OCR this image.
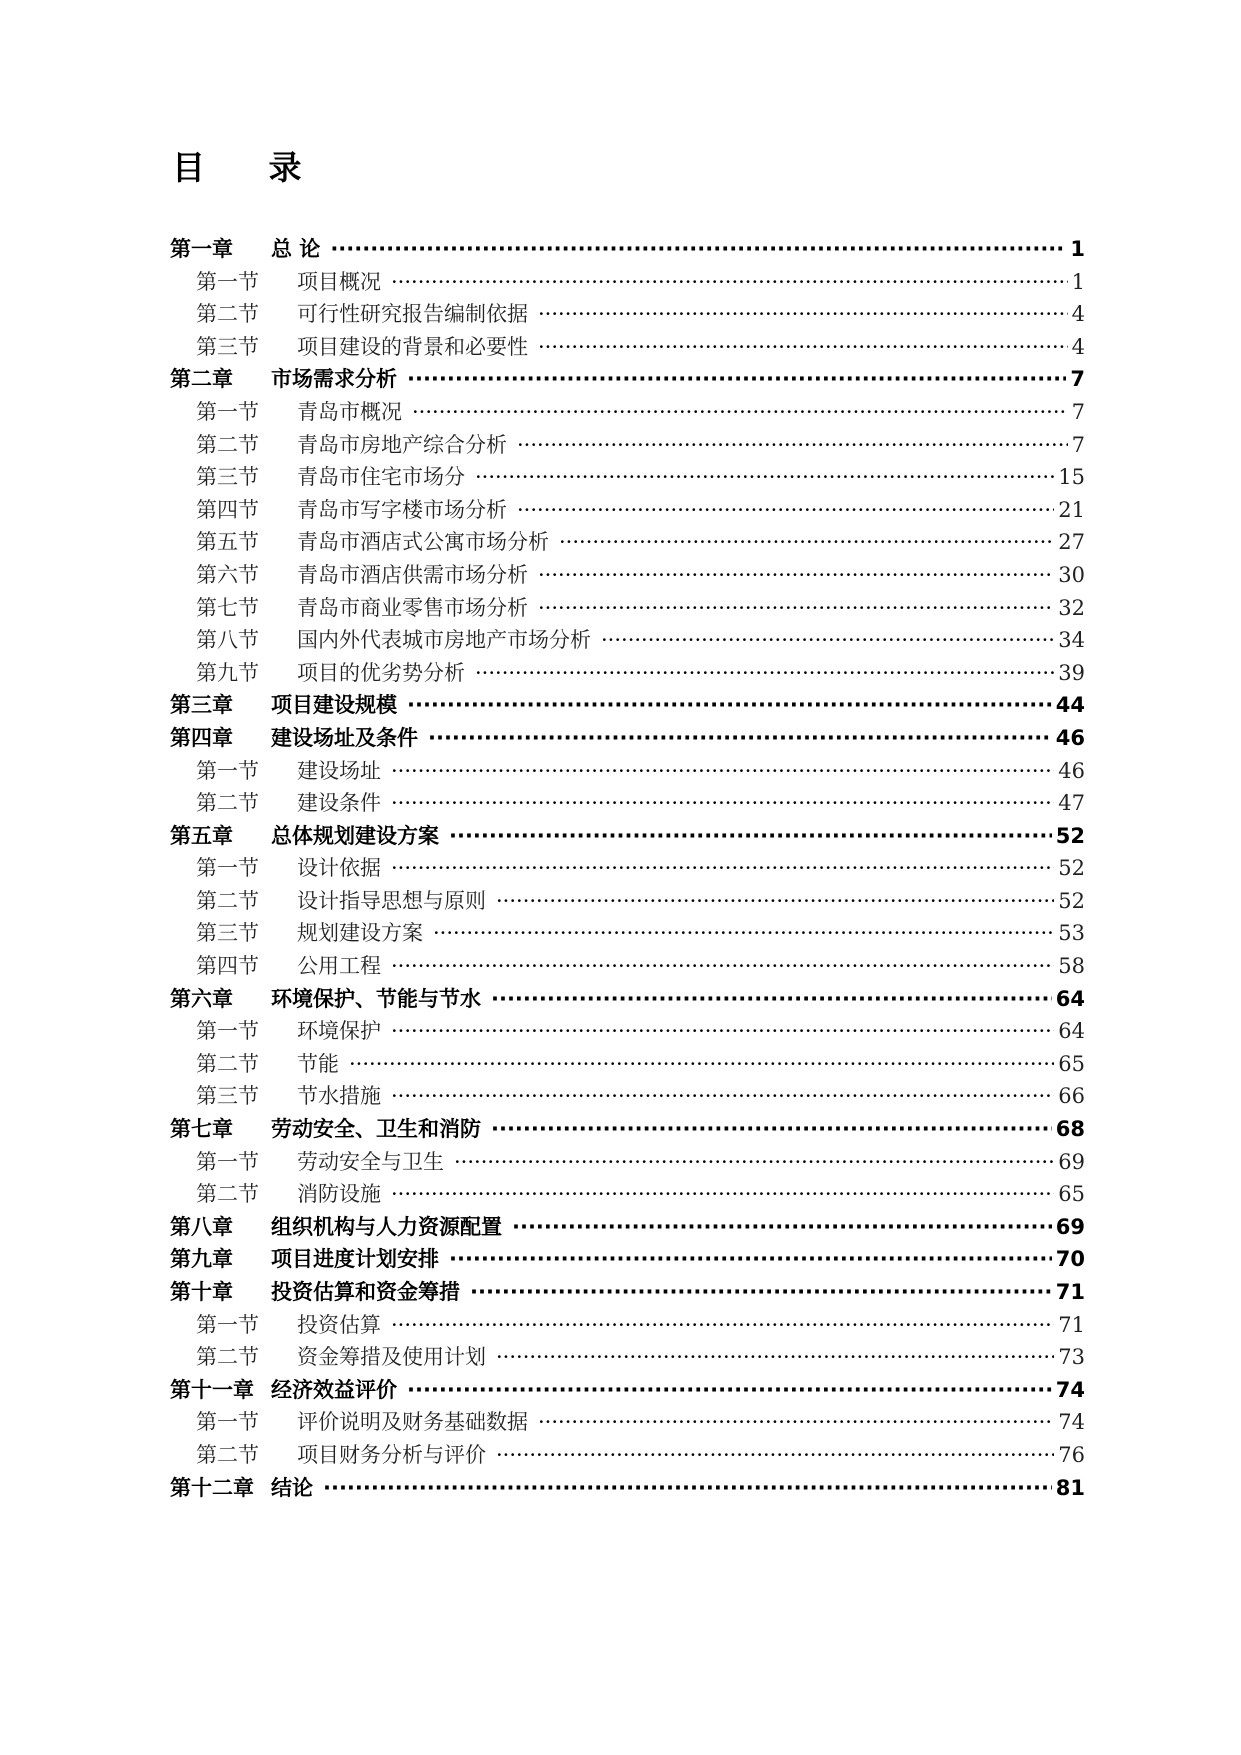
目 录
第一章	总 论 ·····	1
第一节	项目概况 ·····	1
第二节	可行性研究报告编制依据 ·····	4
第三节	项目建设的背景和必要性 ·····	4
第二章	市场需求分析 ·····	7
第一节	青岛市概况 ·····	7
第二节	青岛市房地产综合分析 ·····	7
第三节	青岛市住宅市场分 ·····	15
第四节	青岛市写字楼市场分析 ·····	21
第五节	青岛市酒店式公寓市场分析 ·····	27
第六节	青岛市酒店供需市场分析 ·····	30
第七节	青岛市商业零售市场分析 ·····	32
第八节	国内外代表城市房地产市场分析 ·····	34
第九节	项目的优劣势分析 ·····	39
第三章	项目建设规模 ·····	44
第四章	建设场址及条件 ·····	46
第一节	建设场址 ·····	46
第二节	建设条件 ·····	47
第五章	总体规划建设方案 ·····	52
第一节	设计依据 ·····	52
第二节	设计指导思想与原则 ·····	52
第三节	规划建设方案 ·····	53
第四节	公用工程 ·····	58
第六章	环境保护、节能与节水 ·····	64
第一节	环境保护 ·····	64
第二节	节能 ·····	65
第三节	节水措施 ·····	66
第七章	劳动安全、卫生和消防 ·····	68
第一节	劳动安全与卫生 ·····	69
第二节	消防设施 ·····	65
第八章	组织机构与人力资源配置 ·····	69
第九章	项目进度计划安排 ·····	70
第十章	投资估算和资金筹措 ·····	71
第一节	投资估算 ·····	71
第二节	资金筹措及使用计划 ·····	73
第十一章 经济效益评价 ·····	74
第一节	评价说明及财务基础数据 ·····	74
第二节	项目财务分析与评价 ·····	76
第十二章 结论 ·····	81
